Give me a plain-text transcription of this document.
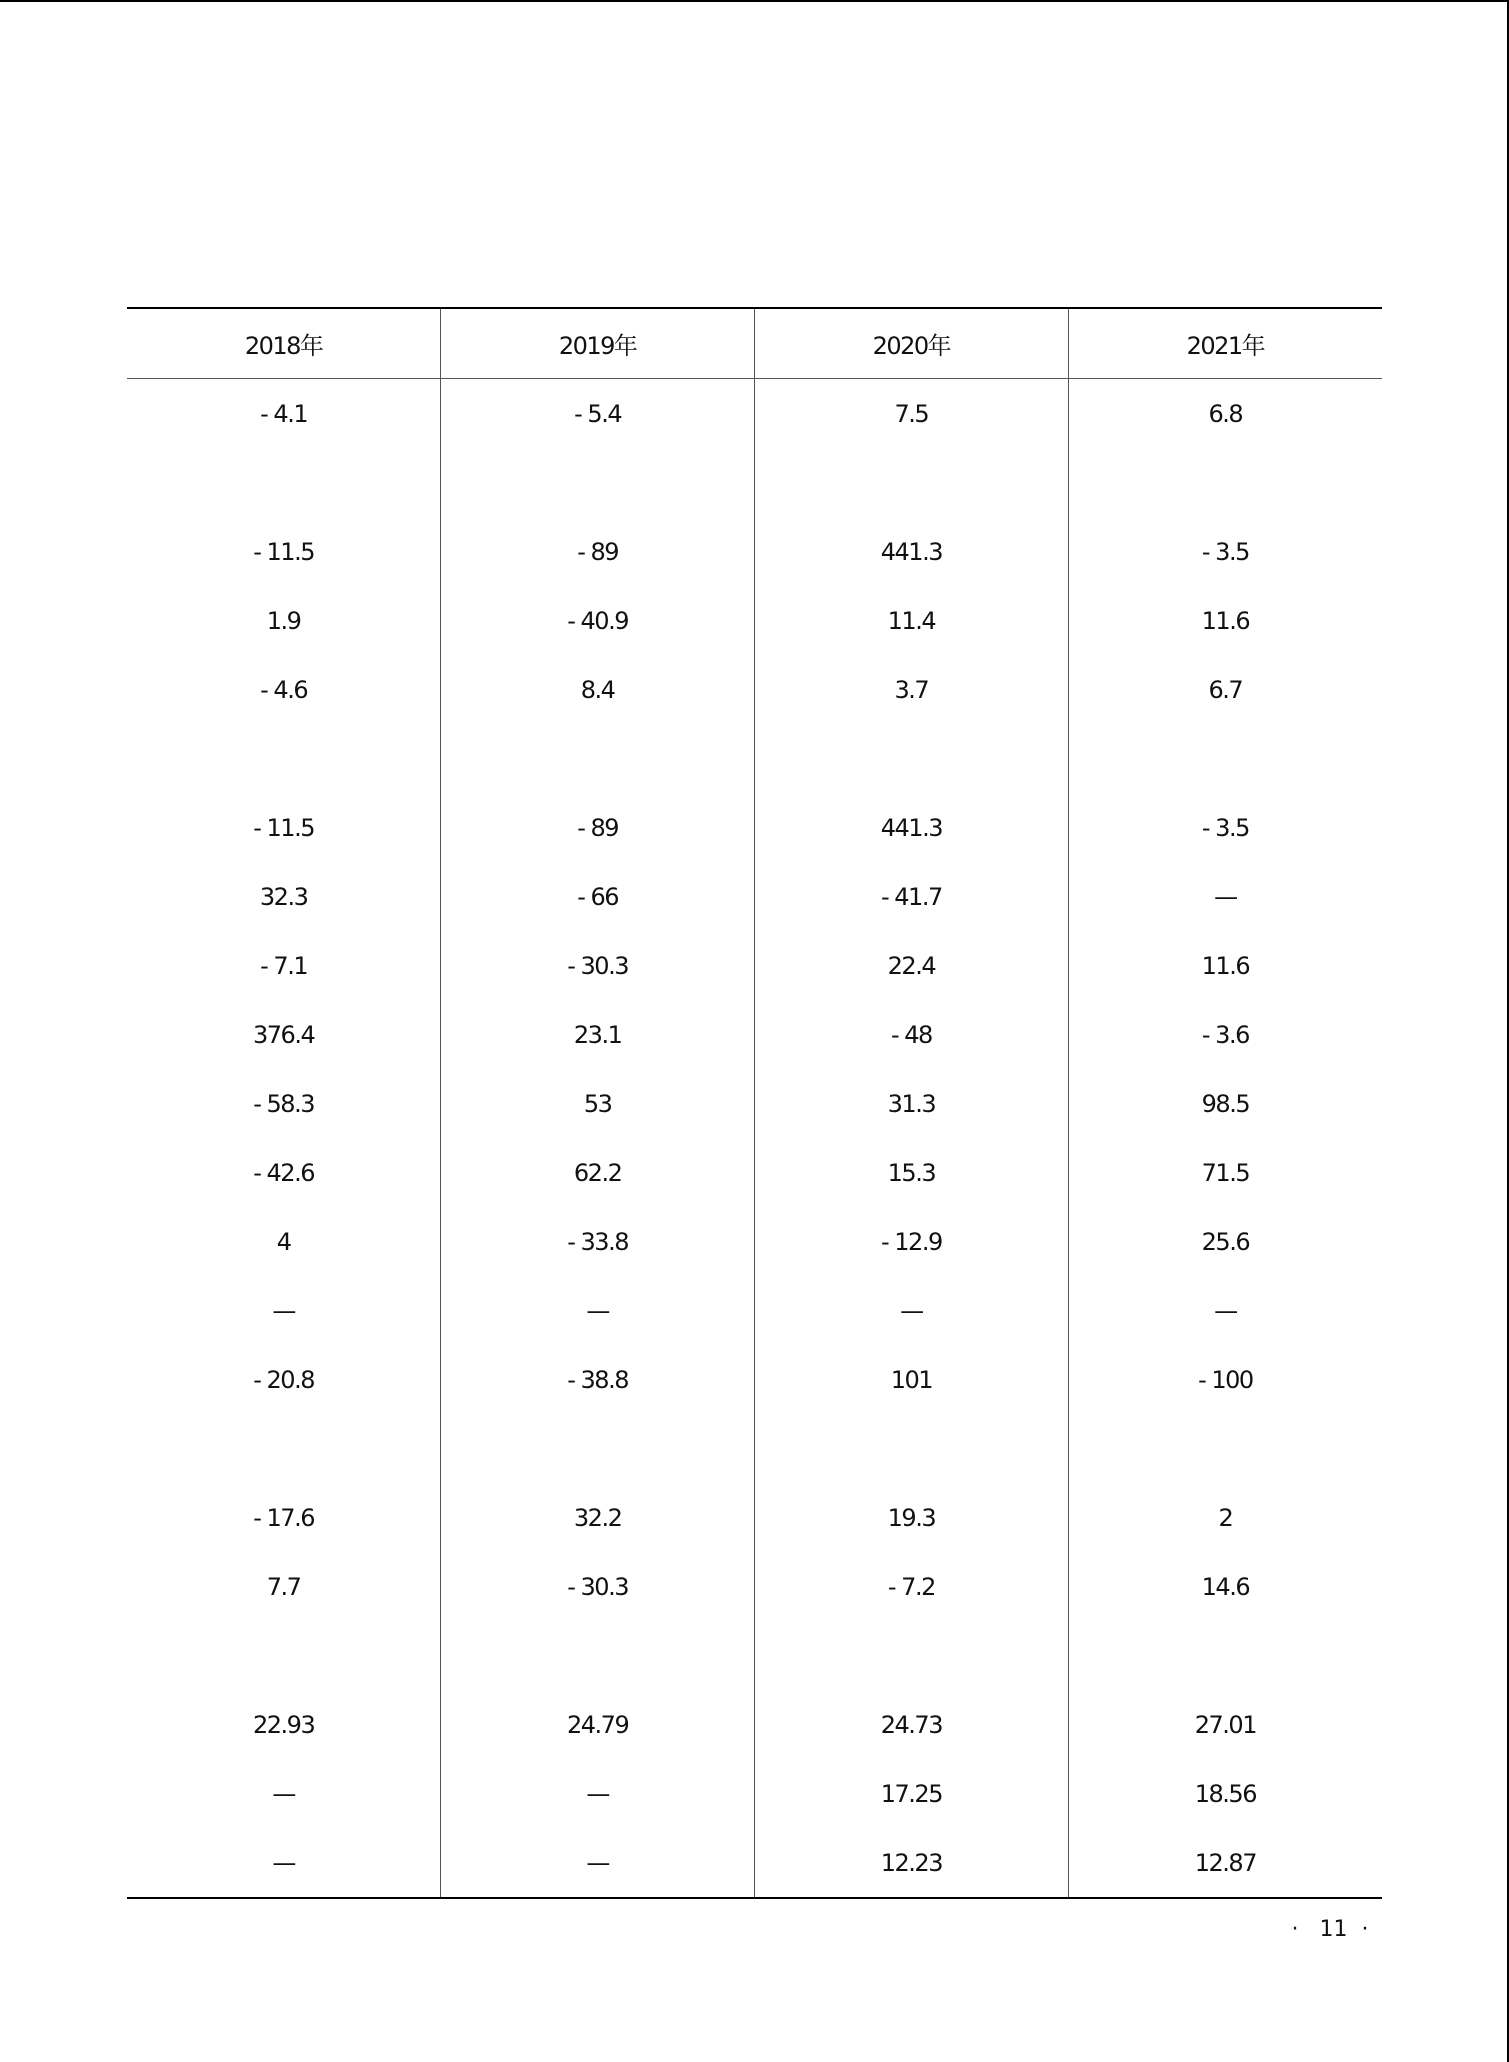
2018年	2019年	2020年	2021年
- 4.1	- 5.4	7.5	6.8

- 11.5	- 89	441.3	- 3.5
1.9	- 40.9	11.4	11.6
- 4.6	8.4	3.7	6.7

- 11.5	- 89	441.3	- 3.5
32.3	- 66	- 41.7	—
- 7.1	- 30.3	22.4	11.6
376.4	23.1	- 48	- 3.6
- 58.3	53	31.3	98.5
- 42.6	62.2	15.3	71.5
4	- 33.8	- 12.9	25.6
—	—	—	—
- 20.8	- 38.8	101	- 100

- 17.6	32.2	19.3	2
7.7	- 30.3	- 7.2	14.6

22.93	24.79	24.73	27.01
—	—	17.25	18.56
—	—	12.23	12.87
·   11  ·
